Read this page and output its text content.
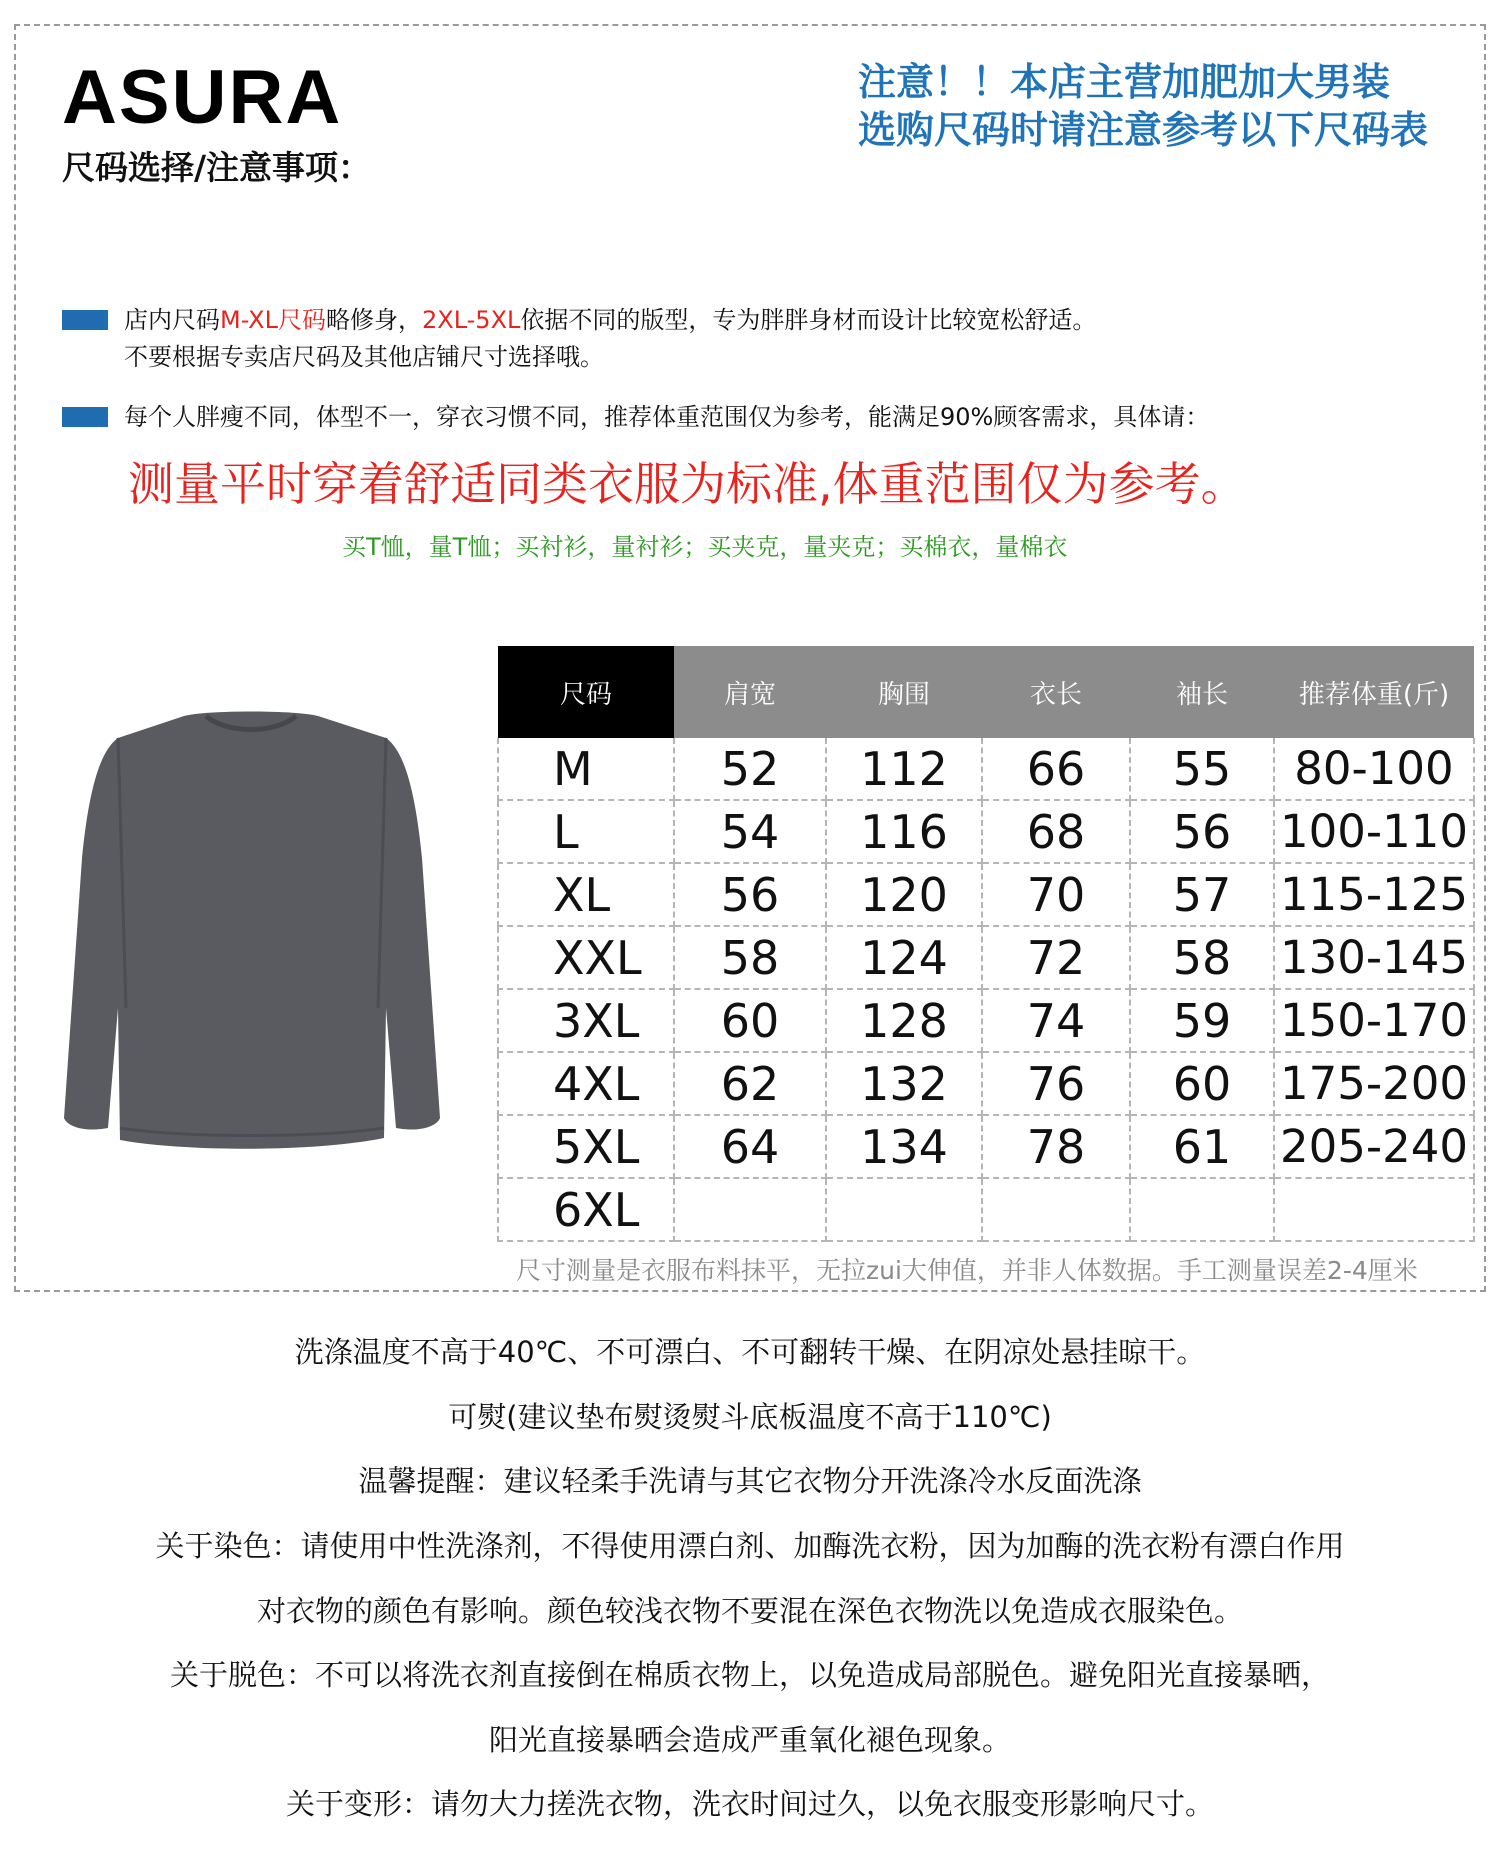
ASURA
尺码选择/注意事项：
注意！！本店主营加肥加大男装
选购尺码时请注意参考以下尺码表
店内尺码M-XL尺码略修身，2XL-5XL依据不同的版型，专为胖胖身材而设计比较宽松舒适。
不要根据专卖店尺码及其他店铺尺寸选择哦。
每个人胖瘦不同，体型不一，穿衣习惯不同，推荐体重范围仅为参考，能满足90%顾客需求，具体请：
测量平时穿着舒适同类衣服为标准,体重范围仅为参考。
买T恤，量T恤；买衬衫，量衬衫；买夹克，量夹克；买棉衣，量棉衣
尺码	肩宽	胸围	衣长	袖长	推荐体重(斤)
M	52	112	66	55	80-100
L	54	116	68	56	100-110
XL	56	120	70	57	115-125
XXL	58	124	72	58	130-145
3XL	60	128	74	59	150-170
4XL	62	132	76	60	175-200
5XL	64	134	78	61	205-240
6XL					
尺寸测量是衣服布料抹平，无拉zui大伸值，并非人体数据。手工测量误差2-4厘米
洗涤温度不高于40℃、不可漂白、不可翻转干燥、在阴凉处悬挂晾干。
可熨(建议垫布熨烫熨斗底板温度不高于110℃)
温馨提醒：建议轻柔手洗请与其它衣物分开洗涤冷水反面洗涤
关于染色：请使用中性洗涤剂，不得使用漂白剂、加酶洗衣粉，因为加酶的洗衣粉有漂白作用
对衣物的颜色有影响。颜色较浅衣物不要混在深色衣物洗以免造成衣服染色。
关于脱色：不可以将洗衣剂直接倒在棉质衣物上，以免造成局部脱色。避免阳光直接暴晒，
阳光直接暴晒会造成严重氧化褪色现象。
关于变形：请勿大力搓洗衣物，洗衣时间过久，以免衣服变形影响尺寸。
